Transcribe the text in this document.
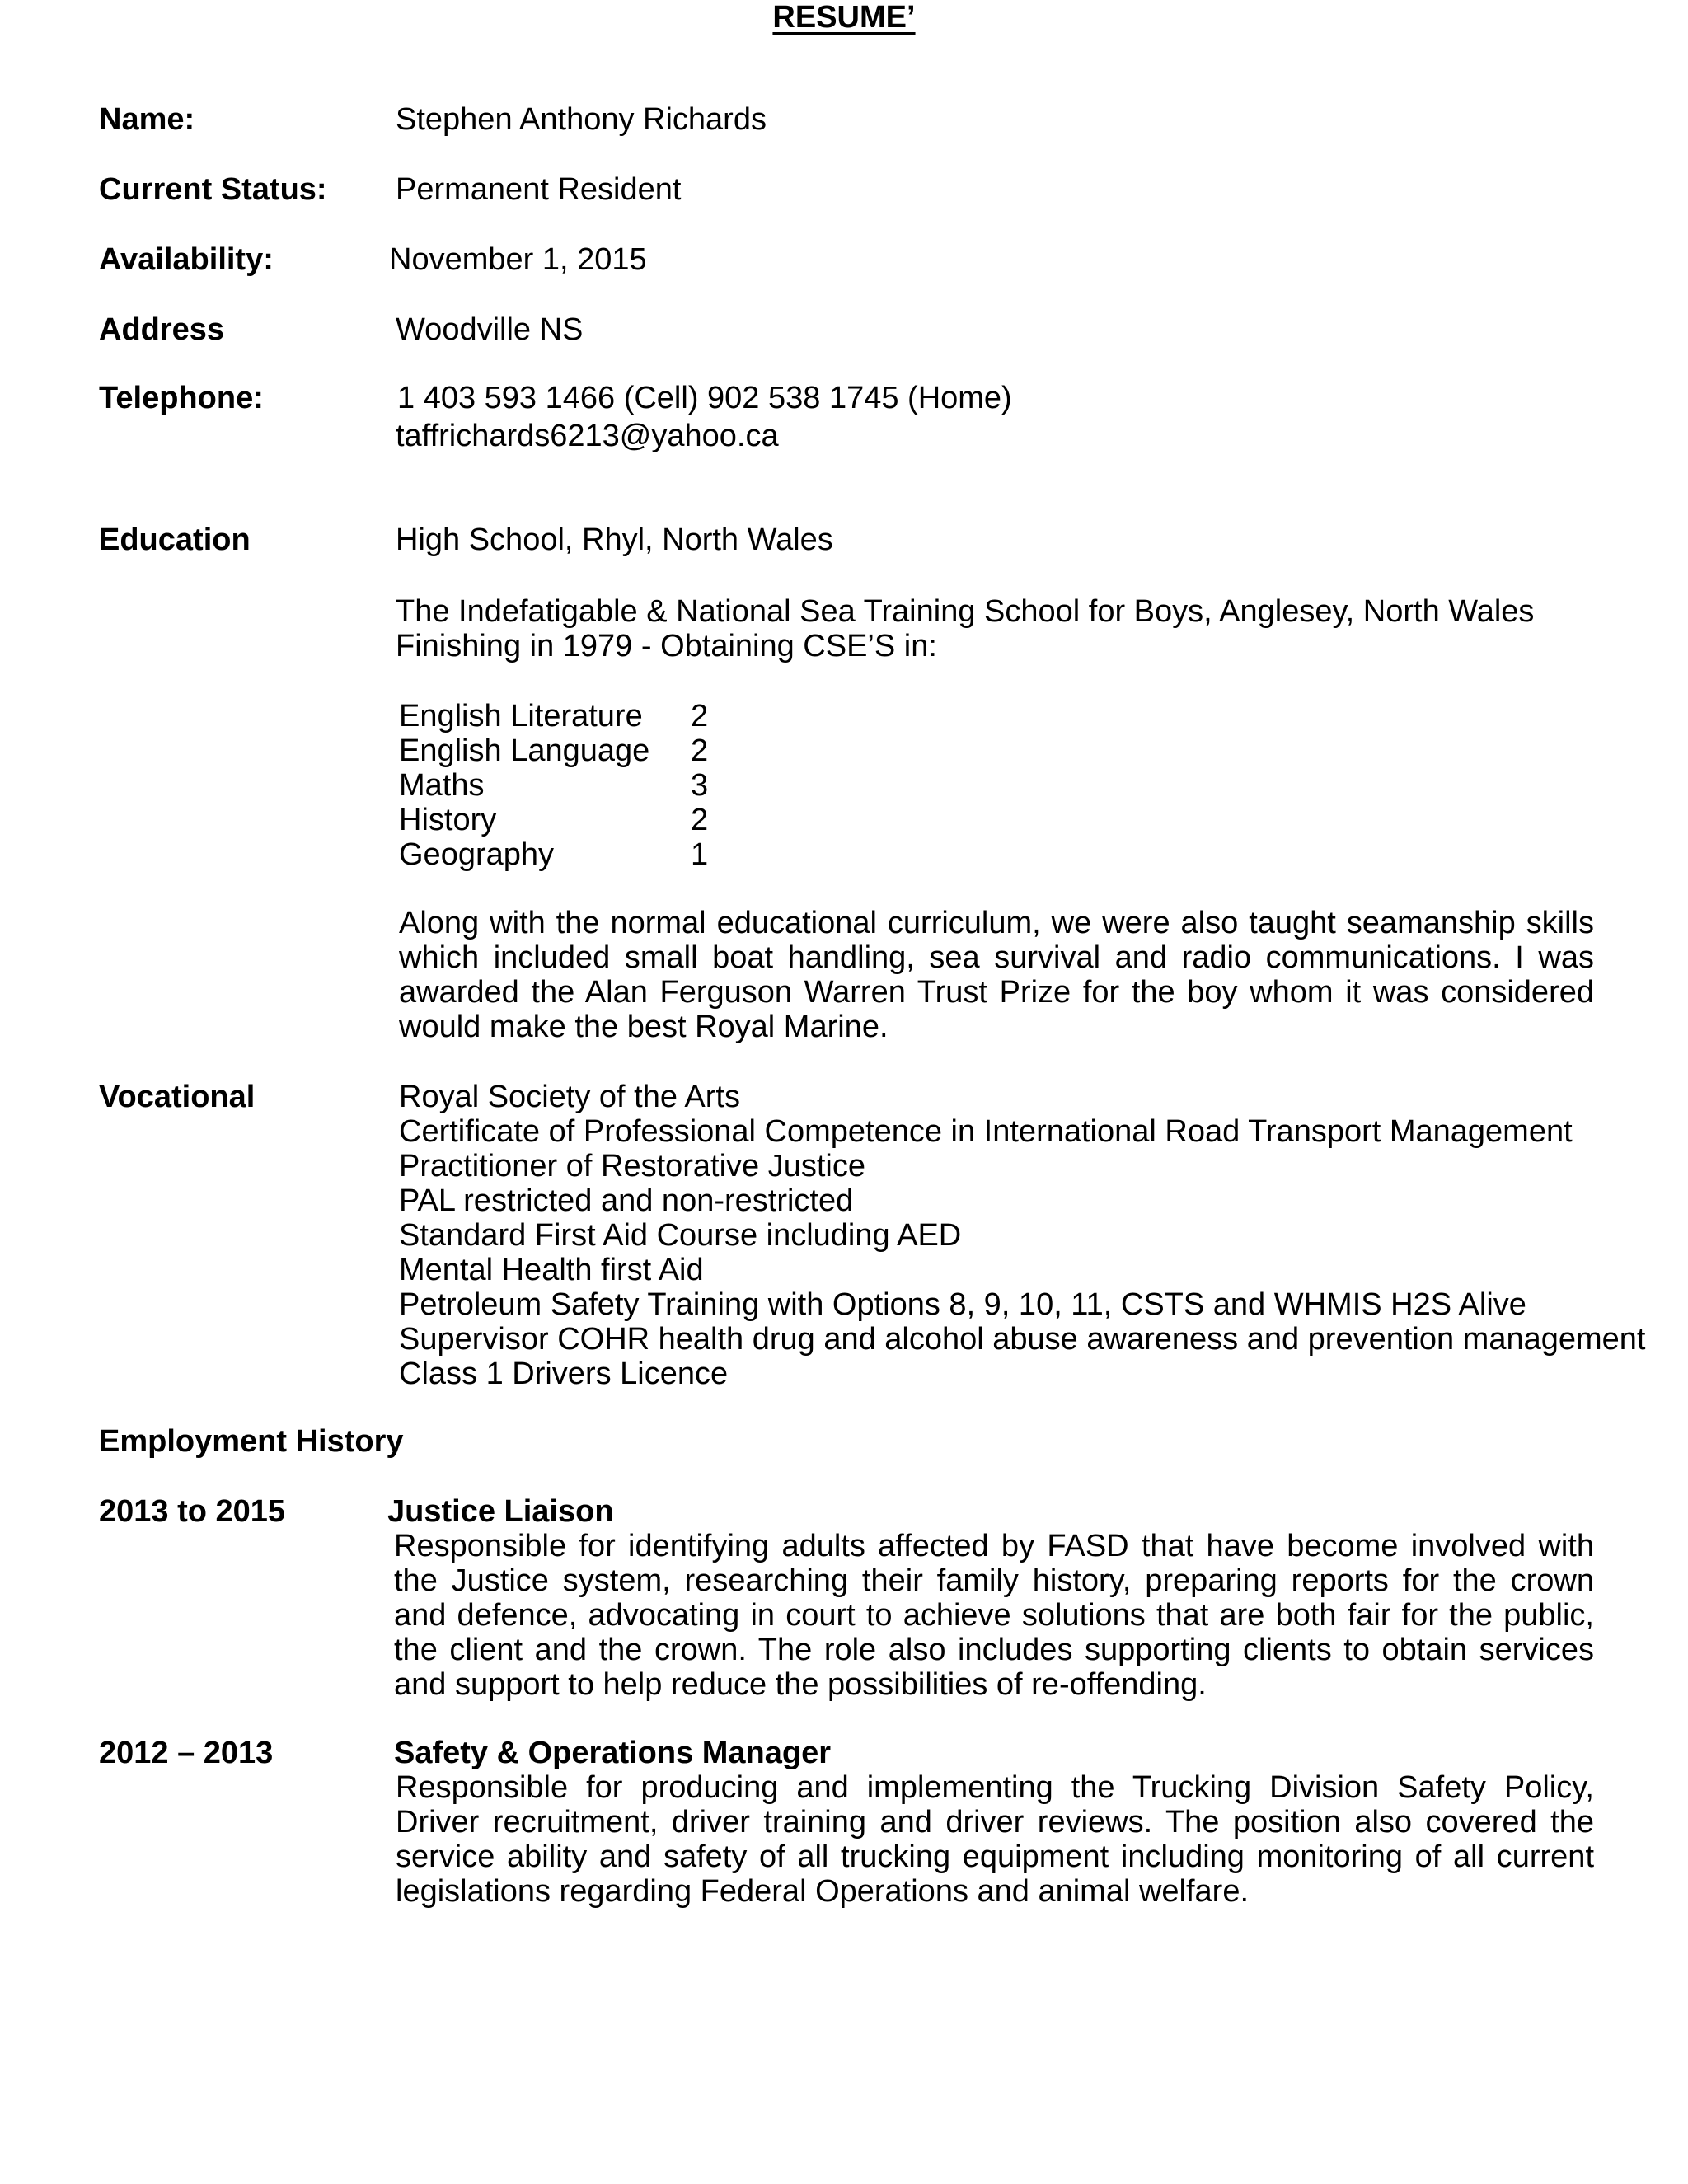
RESUME’
Name:	Stephen Anthony Richards
Current Status: Permanent Resident
Availability:	November 1, 2015
Address	Woodville NS
Telephone:	1 403 593 1466 (Cell) 902 538 1745 (Home)
taffrichards6213@yahoo.ca
Education	High School, Rhyl, North Wales
The Indefatigable & National Sea Training School for Boys, Anglesey, North Wales
Finishing in 1979 - Obtaining CSE’S in:
English Literature 2
English Language 2
Maths	3
History	2
Geography	1
Along with the normal educational curriculum, we were also taught seamanship skills which included small boat handling, sea survival and radio communications. I was awarded the Alan Ferguson Warren Trust Prize for the boy whom it was considered would make the best Royal Marine.
Vocational	Royal Society of the Arts
Certificate of Professional Competence in International Road Transport Management
Practitioner of Restorative Justice
PAL restricted and non-restricted
Standard First Aid Course including AED
Mental Health first Aid
Petroleum Safety Training with Options 8, 9, 10, 11, CSTS and WHMIS H2S Alive
Supervisor COHR health drug and alcohol abuse awareness and prevention management
Class 1 Drivers Licence
Employment History
2013 to 2015	Justice Liaison
Responsible for identifying adults affected by FASD that have become involved with the Justice system, researching their family history, preparing reports for the crown and defence, advocating in court to achieve solutions that are both fair for the public, the client and the crown. The role also includes supporting clients to obtain services and support to help reduce the possibilities of re-offending.
2012 – 2013	Safety & Operations Manager
Responsible for producing and implementing the Trucking Division Safety Policy, Driver recruitment, driver training and driver reviews. The position also covered the service ability and safety of all trucking equipment including monitoring of all current legislations regarding Federal Operations and animal welfare.
